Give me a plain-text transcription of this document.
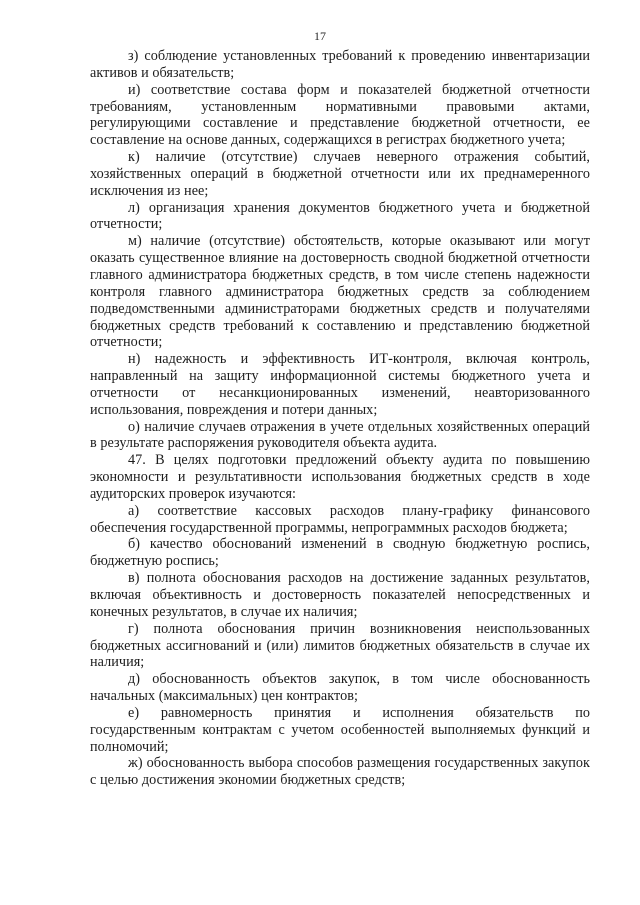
17

з) соблюдение установленных требований к проведению инвентаризации активов и обязательств;

и) соответствие состава форм и показателей бюджетной отчетности требованиям, установленным нормативными правовыми актами, регулирующими составление и представление бюджетной отчетности, ее составление на основе данных, содержащихся в регистрах бюджетного учета;

к) наличие (отсутствие) случаев неверного отражения событий, хозяйственных операций в бюджетной отчетности или их преднамеренного исключения из нее;

л) организация хранения документов бюджетного учета и бюджетной отчетности;

м) наличие (отсутствие) обстоятельств, которые оказывают или могут оказать существенное влияние на достоверность сводной бюджетной отчетности главного администратора бюджетных средств, в том числе степень надежности контроля главного администратора бюджетных средств за соблюдением подведомственными администраторами бюджетных средств и получателями бюджетных средств требований к составлению и представлению бюджетной отчетности;

н) надежность и эффективность ИТ-контроля, включая контроль, направленный на защиту информационной системы бюджетного учета и отчетности от несанкционированных изменений, неавторизованного использования, повреждения и потери данных;

о) наличие случаев отражения в учете отдельных хозяйственных операций в результате распоряжения руководителя объекта аудита.

47. В целях подготовки предложений объекту аудита по повышению экономности и результативности использования бюджетных средств в ходе аудиторских проверок изучаются:

а) соответствие кассовых расходов плану-графику финансового обеспечения государственной программы, непрограммных расходов бюджета;

б) качество обоснований изменений в сводную бюджетную роспись, бюджетную роспись;

в) полнота обоснования расходов на достижение заданных результатов, включая объективность и достоверность показателей непосредственных и конечных результатов, в случае их наличия;

г) полнота обоснования причин возникновения неиспользованных бюджетных ассигнований и (или) лимитов бюджетных обязательств в случае их наличия;

д) обоснованность объектов закупок, в том числе обоснованность начальных (максимальных) цен контрактов;

е) равномерность принятия и исполнения обязательств по государственным контрактам с учетом особенностей выполняемых функций и полномочий;

ж) обоснованность выбора способов размещения государственных закупок с целью достижения экономии бюджетных средств;
